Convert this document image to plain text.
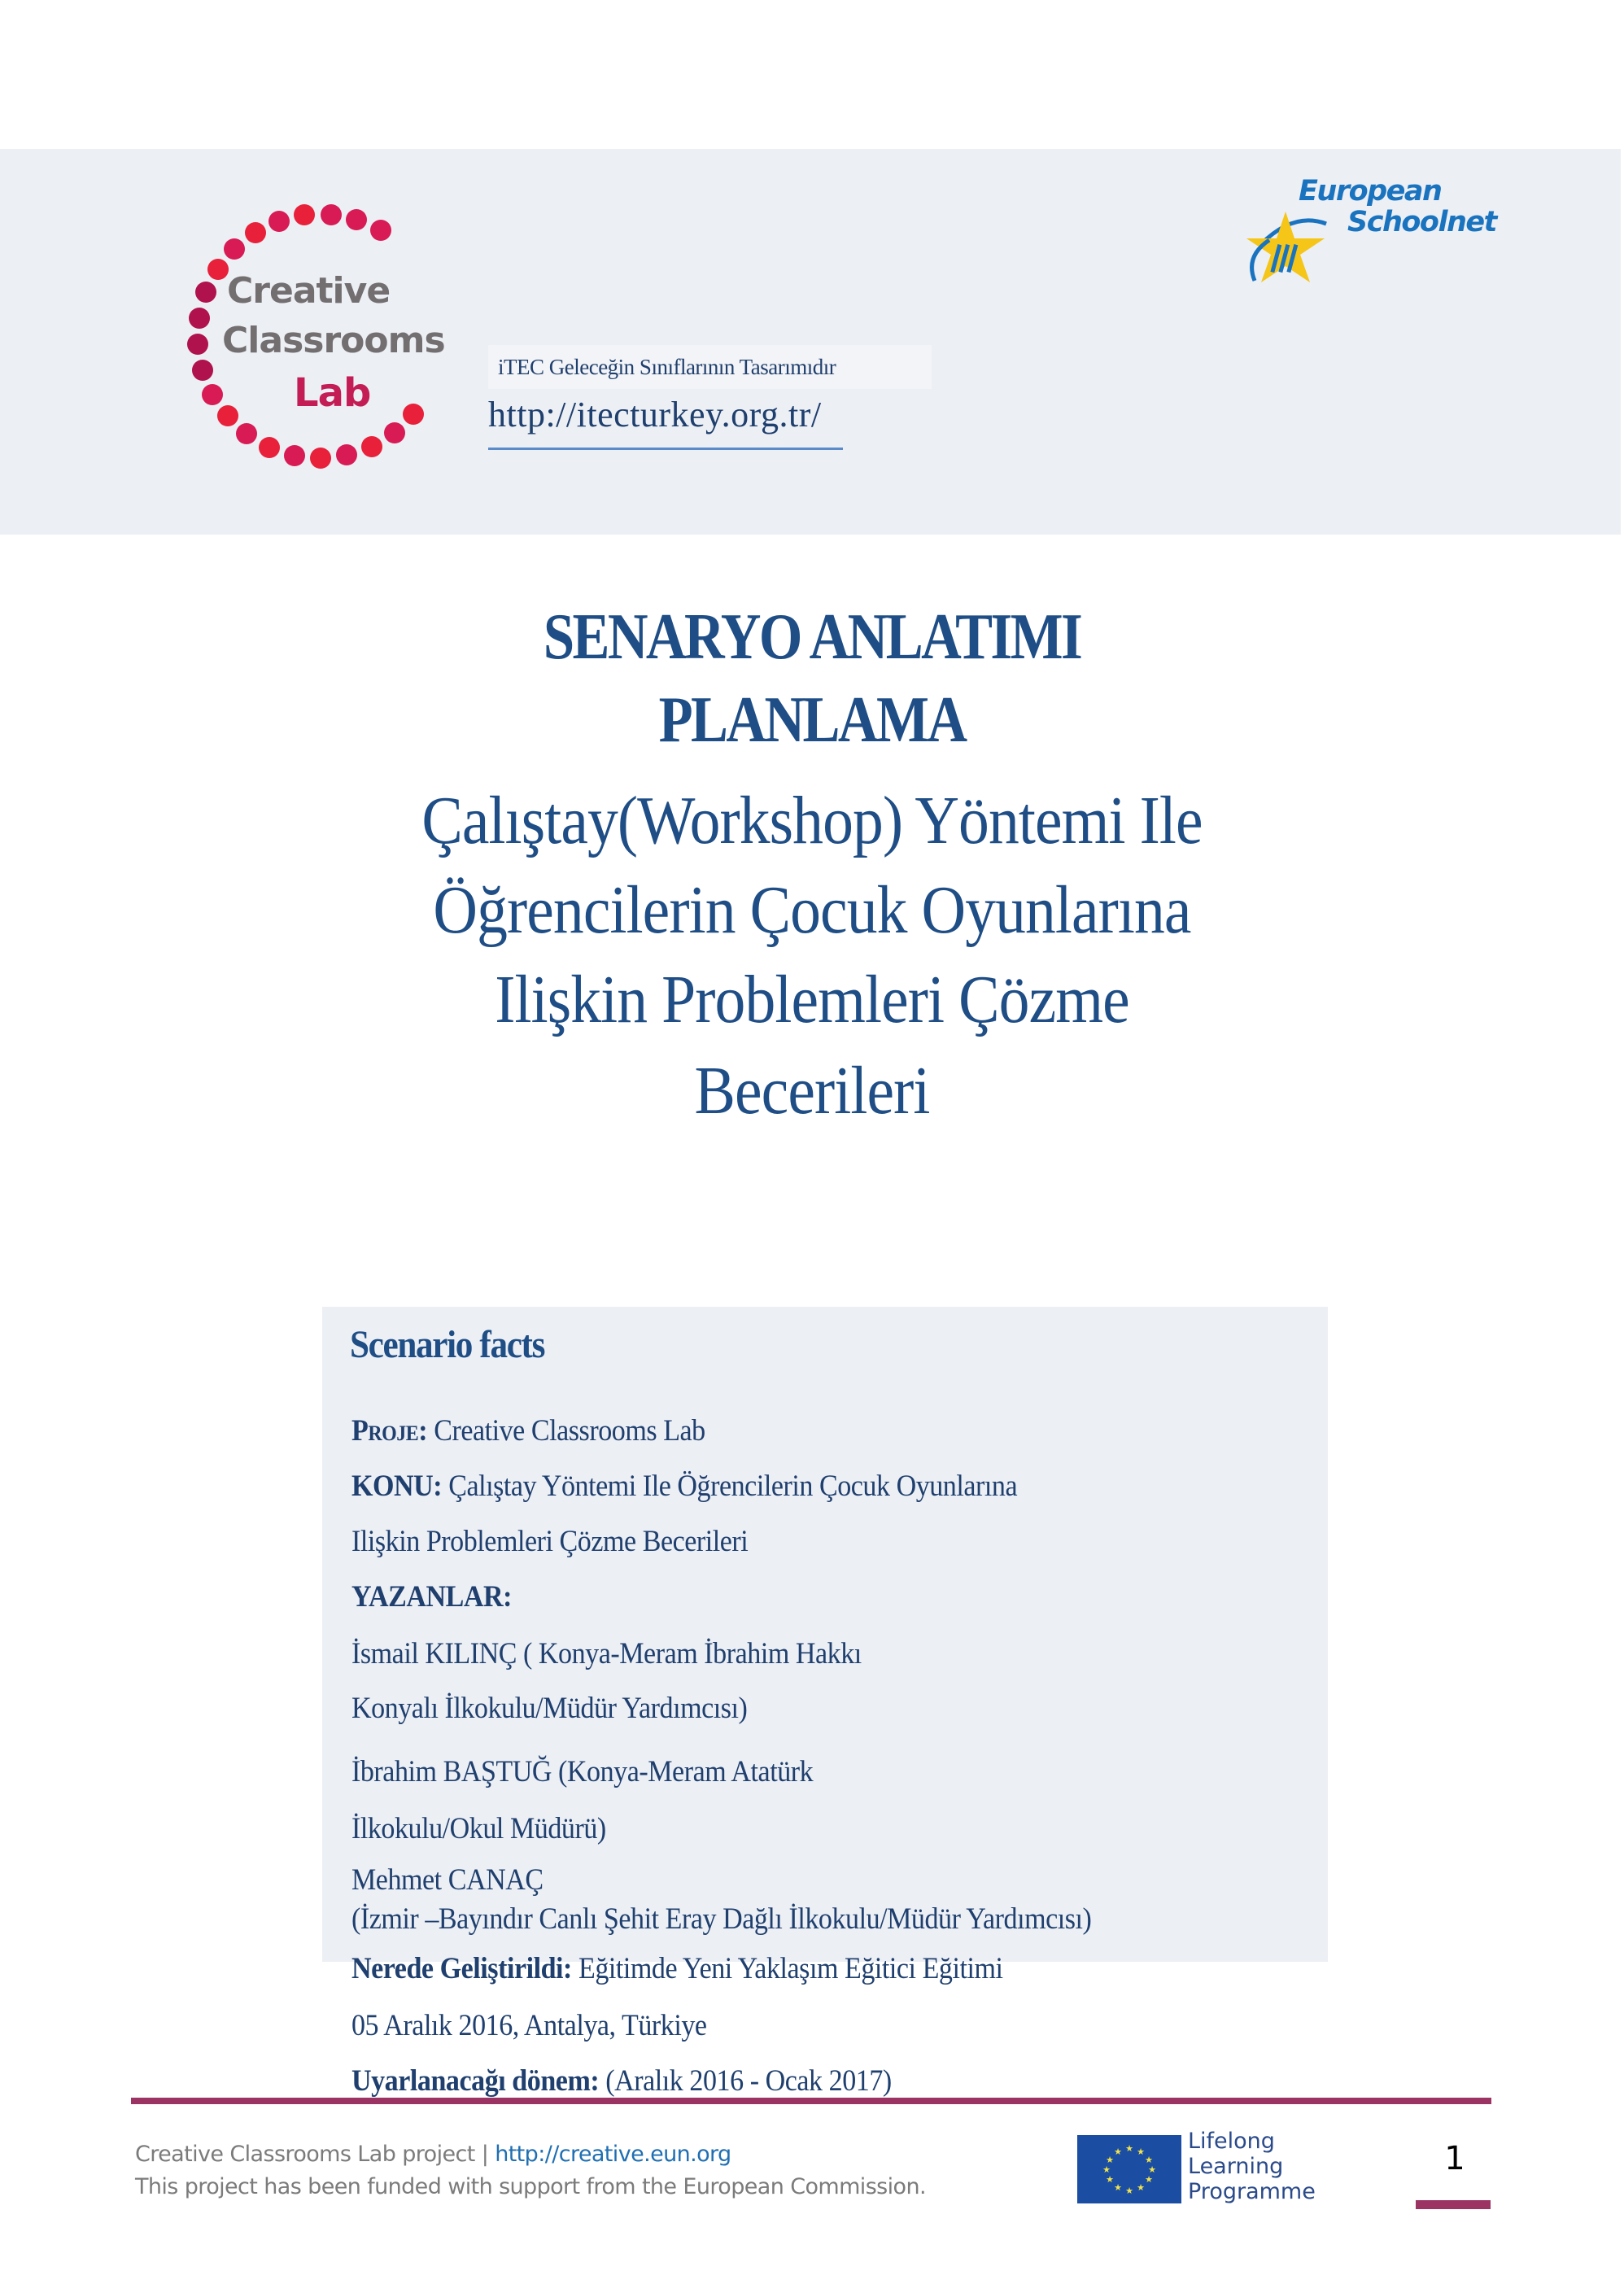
Creative
Classrooms
Lab
iTEC Geleceğin Sınıflarının Tasarımıdır
http://itecturkey.org.tr/
European
Schoolnet
SENARYO ANLATIMI
PLANLAMA
Çalıştay(Workshop) Yöntemi Ile
Öğrencilerin Çocuk Oyunlarına
Ilişkin Problemleri Çözme
Becerileri
Scenario facts
Proje: Creative Classrooms Lab
KONU: Çalıştay Yöntemi Ile Öğrencilerin Çocuk Oyunlarına
Ilişkin Problemleri Çözme Becerileri
YAZANLAR:
İsmail KILINÇ ( Konya-Meram İbrahim Hakkı
Konyalı İlkokulu/Müdür Yardımcısı)
İbrahim BAŞTUĞ (Konya-Meram Atatürk
İlkokulu/Okul Müdürü)
Mehmet CANAÇ
(İzmir –Bayındır Canlı Şehit Eray Dağlı İlkokulu/Müdür Yardımcısı)
Nerede Geliştirildi: Eğitimde Yeni Yaklaşım Eğitici Eğitimi
05 Aralık 2016, Antalya, Türkiye
Uyarlanacağı dönem: (Aralık 2016 - Ocak 2017)
Creative Classrooms Lab project | http://creative.eun.org
This project has been funded with support from the European Commission.
★ ★
★
★
★
★
★
★
★
★
★
★	Lifelong
Learning
Programme
1
